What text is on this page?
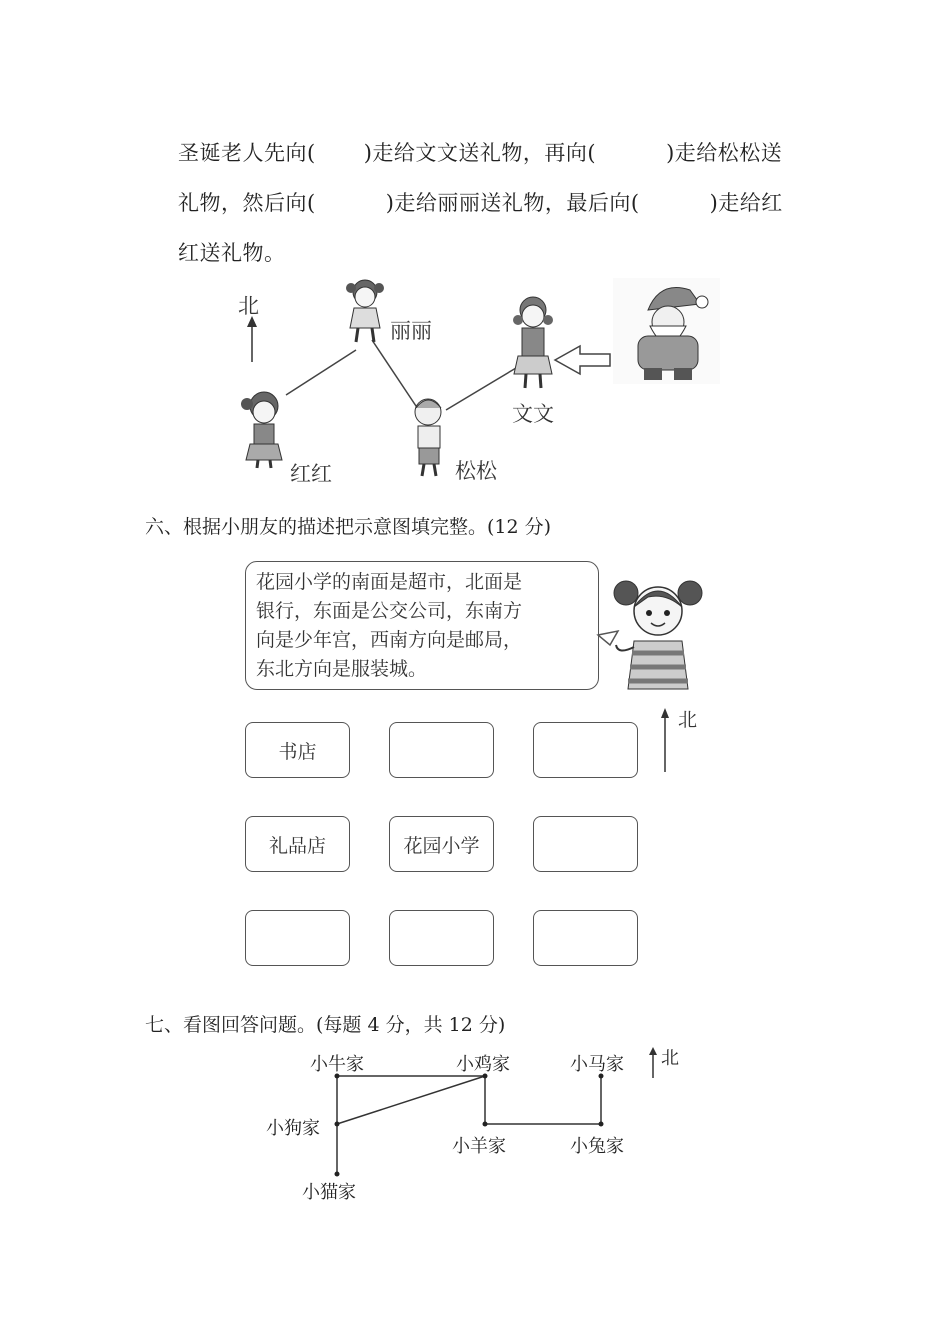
圣诞老人先向( )走给文文送礼物，再向(	)走给松松送
礼物，然后向(	)走给丽丽送礼物，最后向(	)走给红
红送礼物。
北
丽丽
文文
松松
红红
六、根据小朋友的描述把示意图填完整。(12 分)
花园小学的南面是超市，北面是
银行，东面是公交公司，东南方
向是少年宫，西南方向是邮局，
东北方向是服装城。
北
书店
礼品店	花园小学
七、看图回答问题。(每题 4 分，共 12 分)
小牛家	小鸡家	小马家
小狗家
小羊家	小兔家
小猫家
北
